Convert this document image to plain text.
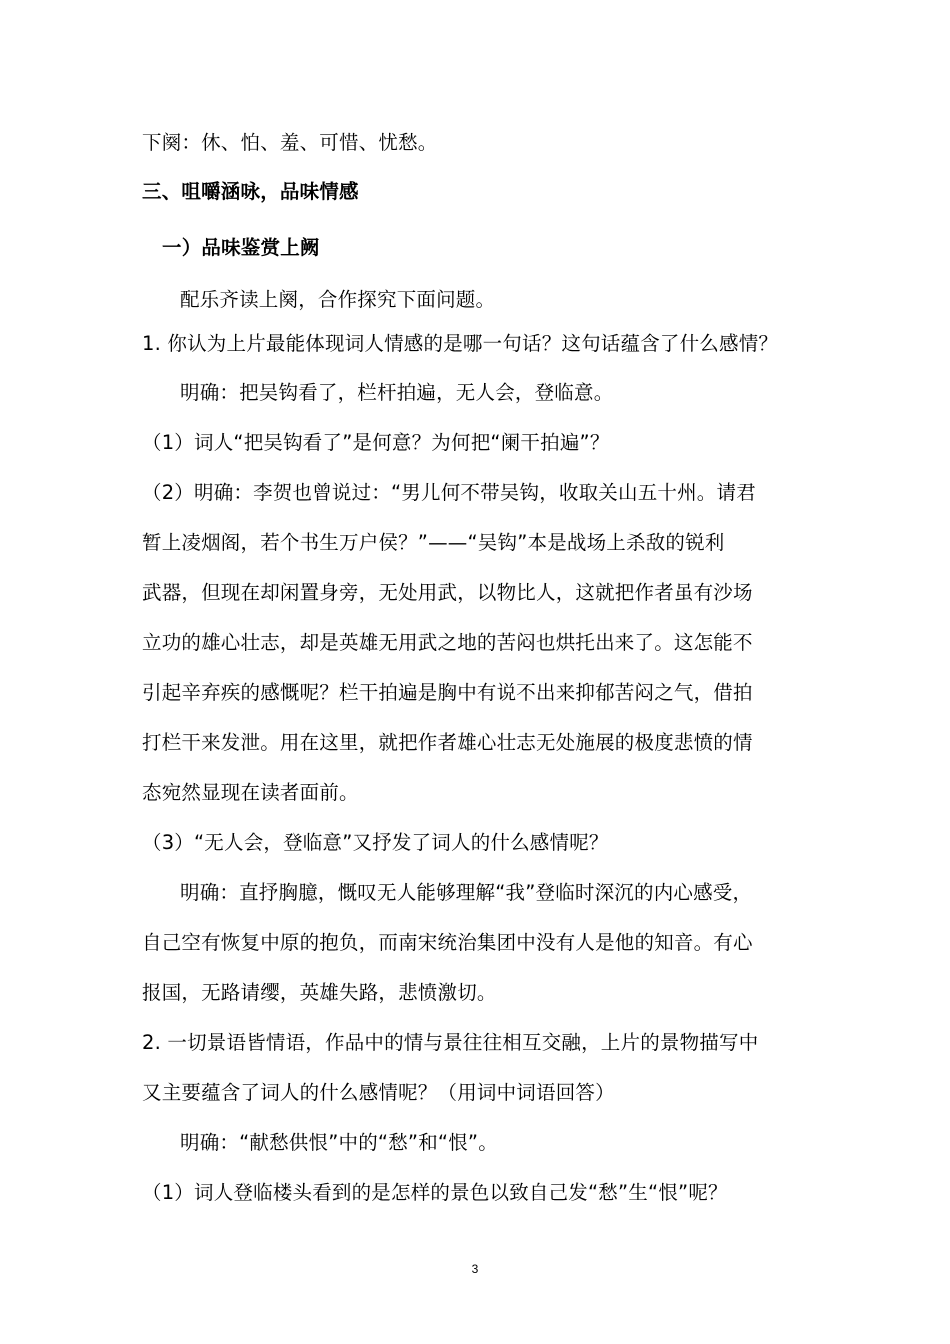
下阕：休、怕、羞、可惜、忧愁。
三、咀嚼涵咏，品味情感
一）品味鉴赏上阙
配乐齐读上阕，合作探究下面问题。
1. 你认为上片最能体现词人情感的是哪一句话？这句话蕴含了什么感情？
明确：把吴钩看了，栏杆拍遍，无人会，登临意。
（1）词人“把吴钩看了”是何意？为何把“阑干拍遍”？
（2）明确：李贺也曾说过：“男儿何不带吴钩，收取关山五十州。请君
暂上凌烟阁，若个书生万户侯？”——“吴钩”本是战场上杀敌的锐利
武器，但现在却闲置身旁，无处用武，以物比人，这就把作者虽有沙场
立功的雄心壮志，却是英雄无用武之地的苦闷也烘托出来了。这怎能不
引起辛弃疾的感慨呢？栏干拍遍是胸中有说不出来抑郁苦闷之气，借拍
打栏干来发泄。用在这里，就把作者雄心壮志无处施展的极度悲愤的情
态宛然显现在读者面前。
（3）“无人会，登临意”又抒发了词人的什么感情呢？
明确：直抒胸臆，慨叹无人能够理解“我”登临时深沉的内心感受，
自己空有恢复中原的抱负，而南宋统治集团中没有人是他的知音。有心
报国，无路请缨，英雄失路，悲愤激切。
2. 一切景语皆情语，作品中的情与景往往相互交融，上片的景物描写中
又主要蕴含了词人的什么感情呢？（用词中词语回答）
明确：“献愁供恨”中的“愁”和“恨”。
（1）词人登临楼头看到的是怎样的景色以致自己发“愁”生“恨”呢？
3
